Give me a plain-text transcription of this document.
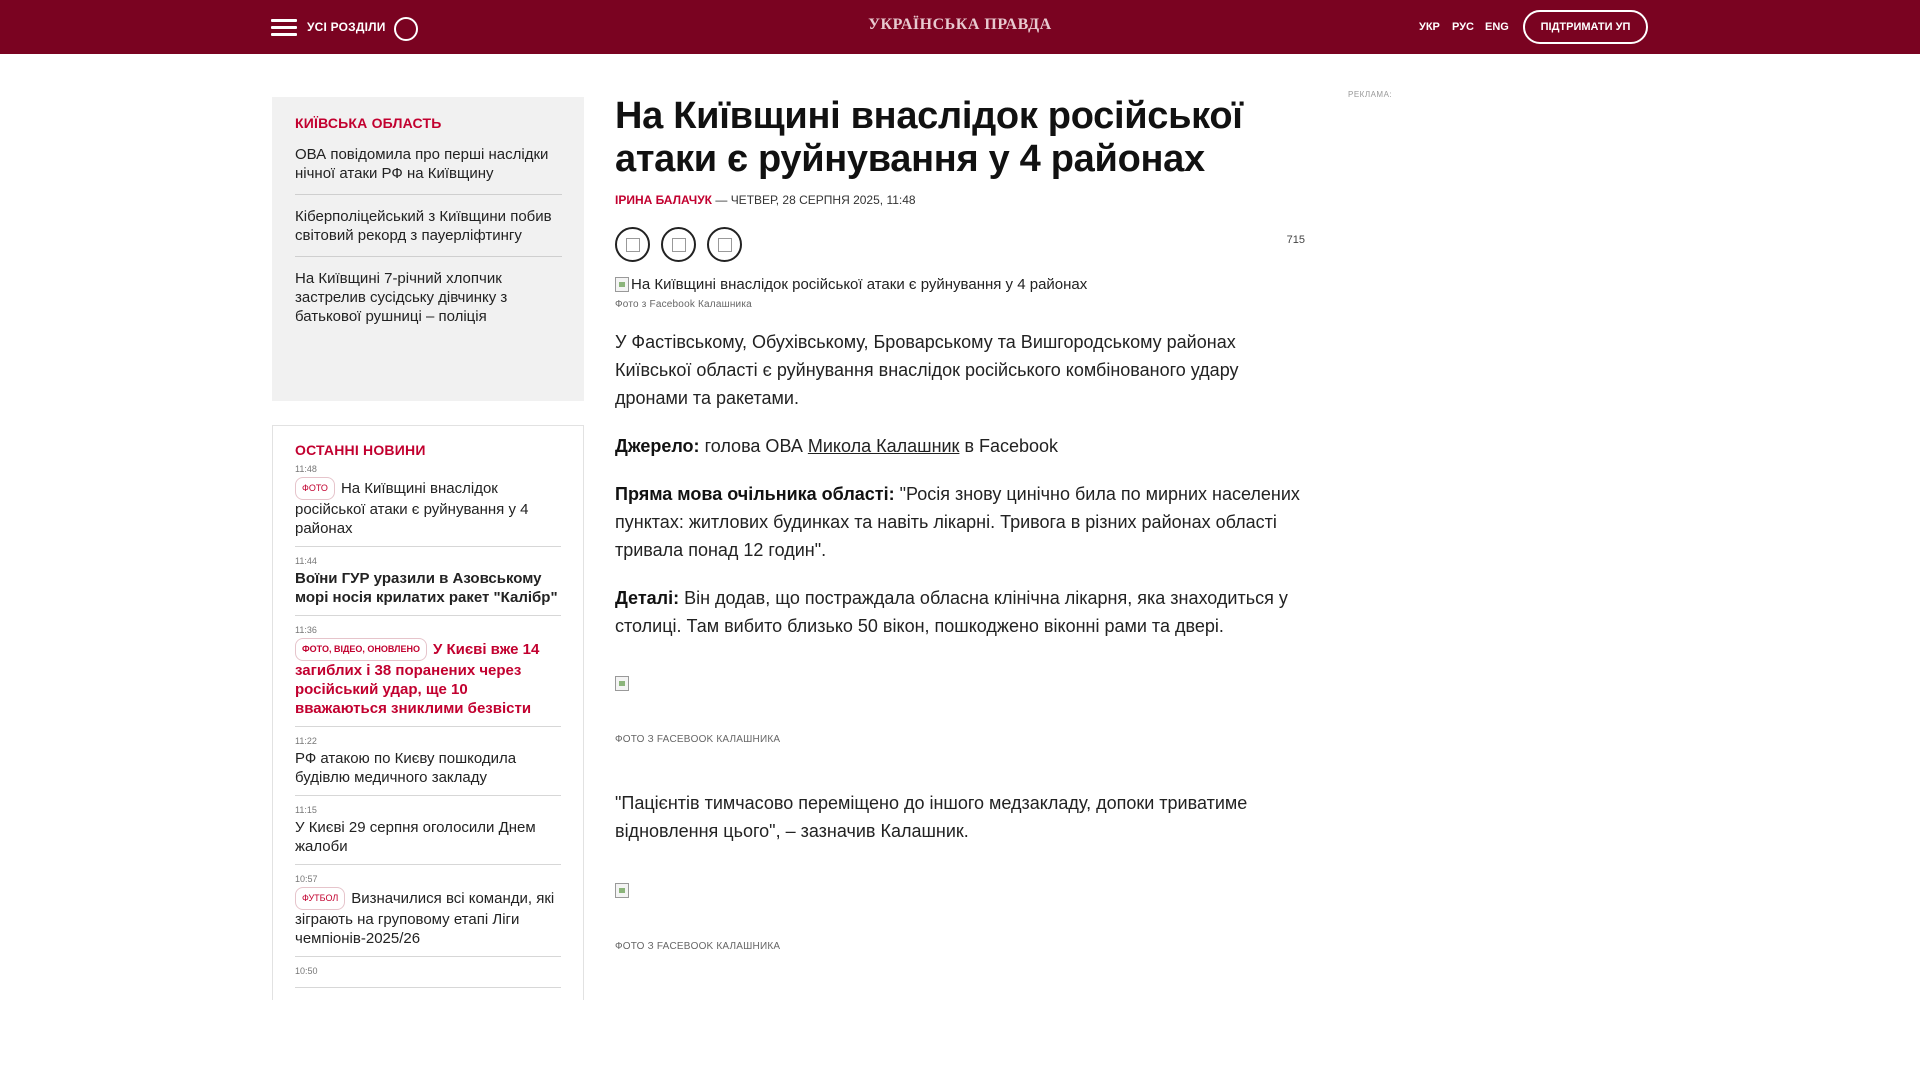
УСІ РОЗДІЛИ	УКРАЇНСЬКА ПРАВДА	УКР РУС ENG	ПІДТРИМАТИ УП
КИЇВСЬКА ОБЛАСТЬ
ОВА повідомила про перші наслідки нічної атаки РФ на Київщину
Кіберполіцейський з Київщини побив світовий рекорд з пауерліфтингу
На Київщині 7-річний хлопчик застрелив сусідську дівчинку з батькової рушниці – поліція
ОСТАННІ НОВИНИ
11:48
ФОТО На Київщині внаслідок російської атаки є руйнування у 4 районах
11:44
Воїни ГУР уразили в Азовському морі носія крилатих ракет "Калібр"
11:36
ФОТО, ВІДЕО, ОНОВЛЕНО У Києві вже 14 загиблих і 38 поранених через російський удар, ще 10 вважаються зниклими безвісти
11:22
РФ атакою по Києву пошкодила будівлю медичного закладу
11:15
У Києві 29 серпня оголосили Днем жалоби
10:57
ФУТБОЛ Визначилися всі команди, які зіграють на груповому етапі Ліги чемпіонів-2025/26
10:50
На Київщині внаслідок російської атаки є руйнування у 4 районах
ІРИНА БАЛАЧУК — ЧЕТВЕР, 28 СЕРПНЯ 2025, 11:48
715
На Київщині внаслідок російської атаки є руйнування у 4 районах
Фото з Facebook Калашника

У Фастівському, Обухівському, Броварському та Вишгородському районах Київської області є руйнування внаслідок російського комбінованого удару дронами та ракетами.

Джерело: голова ОВА Микола Калашник в Facebook

Пряма мова очільника області: "Росія знову цинічно била по мирних населених пунктах: житлових будинках та навіть лікарні. Тривога в різних районах області тривала понад 12 годин".

Деталі: Він додав, що постраждала обласна клінічна лікарня, яка знаходиться у столиці. Там вибито близько 50 вікон, пошкоджено віконні рами та двері.

ФОТО З FACEBOOK КАЛАШНИКА

"Пацієнтів тимчасово переміщено до іншого медзакладу, допоки триватиме відновлення цього", – зазначив Калашник.

ФОТО З FACEBOOK КАЛАШНИКА
РЕКЛАМА:
